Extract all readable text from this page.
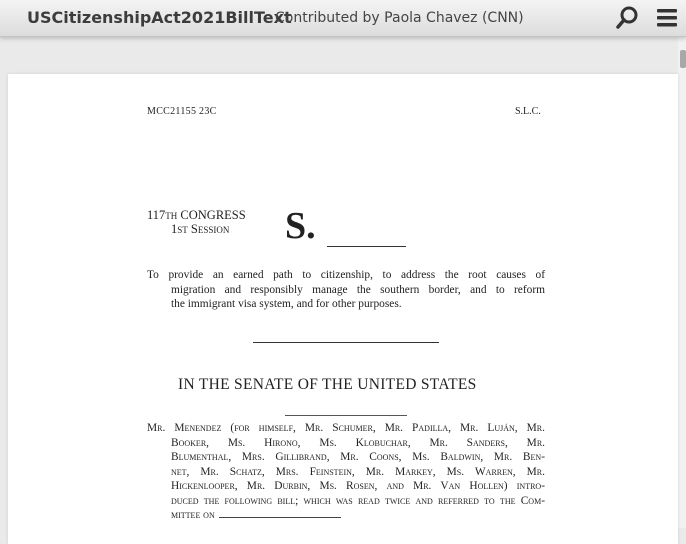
USCitizenshipAct2021BillText
Contributed by Paola Chavez (CNN)
MCC21155 23C	S.L.C.
117th CONGRESS
1st Session S.
To provide an earned path to citizenship, to address the root causes of
migration and responsibly manage the southern border, and to reform
the immigrant visa system, and for other purposes.
IN THE SENATE OF THE UNITED STATES
Mr. Menendez (for himself, Mr. Schumer, Mr. Padilla, Mr. Luján, Mr.
Booker, Ms. Hirono, Ms. Klobuchar, Mr. Sanders, Mr.
Blumenthal, Mrs. Gillibrand, Mr. Coons, Ms. Baldwin, Mr. Ben-
net, Mr. Schatz, Mrs. Feinstein, Mr. Markey, Ms. Warren, Mr.
Hickenlooper, Mr. Durbin, Ms. Rosen, and Mr. Van Hollen) intro-
duced the following bill; which was read twice and referred to the Com-
mittee on
